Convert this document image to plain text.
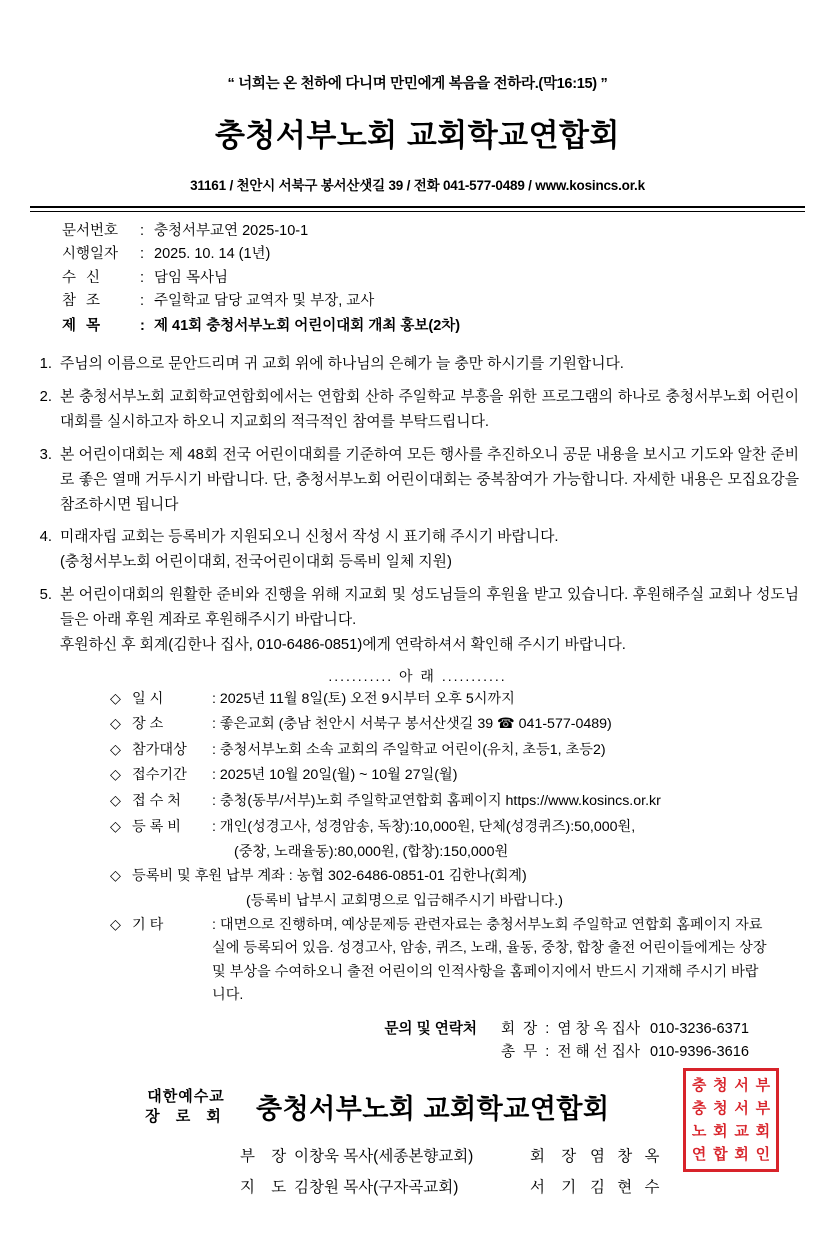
“ 너희는 온 천하에 다니며 만민에게 복음을 전하라.(막16:15) ”
충청서부노회 교회학교연합회
31161 / 천안시 서북구 봉서산샛길 39 / 전화 041-577-0489 / www.kosincs.or.k
문서번호	: 충청서부교연 2025-10-1
시행일자	: 2025. 10. 14 (1년)
수 신	: 담임 목사님
참 조	: 주일학교 담당 교역자 및 부장, 교사
제 목	: 제 41회 충청서부노회 어린이대회 개최 홍보(2차)
1. 주님의 이름으로 문안드리며 귀 교회 위에 하나님의 은혜가 늘 충만 하시기를 기원합니다.
2. 본 충청서부노회 교회학교연합회에서는 연합회 산하 주일학교 부흥을 위한 프로그램의 하나로 충청서부노회 어린이대회를 실시하고자 하오니 지교회의 적극적인 참여를 부탁드립니다.
3. 본 어린이대회는 제 48회 전국 어린이대회를 기준하여 모든 행사를 추진하오니 공문 내용을 보시고 기도와 알찬 준비로 좋은 열매 거두시기 바랍니다. 단, 충청서부노회 어린이대회는 중복참여가 가능합니다. 자세한 내용은 모집요강을 참조하시면 됩니다
4. 미래자립 교회는 등록비가 지원되오니 신청서 작성 시 표기해 주시기 바랍니다.
(충청서부노회 어린이대회, 전국어린이대회 등록비 일체 지원)
5. 본 어린이대회의 원활한 준비와 진행을 위해 지교회 및 성도님들의 후원율 받고 있습니다. 후원해주실 교회나 성도님들은 아래 후원 계좌로 후원해주시기 바랍니다.
후원하신 후 회계(김한나 집사, 010-6486-0851)에게 연락하셔서 확인해 주시기 바랍니다.
........... 아 래 ...........
◇ 일 시	: 2025년 11월 8일(토) 오전 9시부터 오후 5시까지
◇ 장 소	: 좋은교회 (충남 천안시 서북구 봉서산샛길 39 ☎ 041-577-0489)
◇ 참가대상	: 충청서부노회 소속 교회의 주일학교 어린이(유치, 초등1, 초등2)
◇ 접수기간	: 2025년 10월 20일(월) ~ 10월 27일(월)
◇ 접 수 처	: 충청(동부/서부)노회 주일학교연합회 홈페이지 https://www.kosincs.or.kr
◇ 등 록 비	: 개인(성경고사, 성경암송, 독창):10,000원, 단체(성경퀴즈):50,000원,
(중창, 노래율동):80,000원, (합창):150,000원
◇ 등록비 및 후원 납부 계좌 : 농협 302-6486-0851-01 김한나(회계)
(등록비 납부시 교회명으로 입금해주시기 바랍니다.)
◇ 기 타	: 대면으로 진행하며, 예상문제등 관련자료는 충청서부노회 주일학교 연합회 홈페이지 자료실에 등록되어 있음. 성경고사, 암송, 퀴즈, 노래, 율동, 중창, 합창 출전 어린이들에게는 상장 및 부상을 수여하오니 출전 어린이의 인적사항을 홈페이지에서 반드시 기재해 주시기 바랍니다.
문의 및 연락처 회 장 : 염 창 옥 집사 010-3236-6371
총 무 : 전 해 선 집사 010-9396-3616
대한예수교
장 로 회 충청서부노회 교회학교연합회
부 장 이창욱 목사(세종본향교회)	회 장 염 창 옥
지 도 김창원 목사(구자곡교회)	서 기 김 현 수
충 청 서 부
충 청 서 부
노 회 교 회
연 합 회 인
